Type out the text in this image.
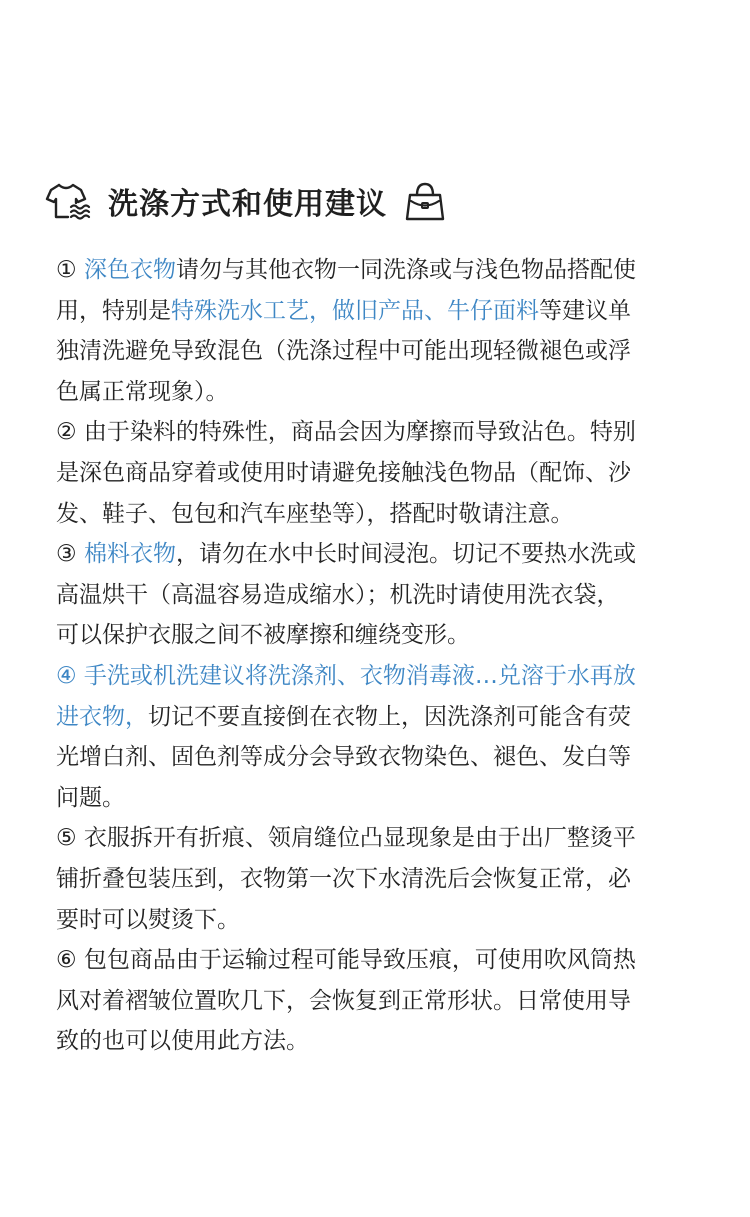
洗涤方式和使用建议
① 深色衣物请勿与其他衣物一同洗涤或与浅色物品搭配使
用，特别是特殊洗水工艺，做旧产品、牛仔面料等建议单
独清洗避免导致混色（洗涤过程中可能出现轻微褪色或浮
色属正常现象）。
② 由于染料的特殊性，商品会因为摩擦而导致沾色。特别
是深色商品穿着或使用时请避免接触浅色物品（配饰、沙
发、鞋子、包包和汽车座垫等），搭配时敬请注意。
③ 棉料衣物，请勿在水中长时间浸泡。切记不要热水洗或
高温烘干（高温容易造成缩水）；机洗时请使用洗衣袋，
可以保护衣服之间不被摩擦和缠绕变形。
④ 手洗或机洗建议将洗涤剂、衣物消毒液…兑溶于水再放
进衣物，切记不要直接倒在衣物上，因洗涤剂可能含有荧
光增白剂、固色剂等成分会导致衣物染色、褪色、发白等
问题。
⑤ 衣服拆开有折痕、领肩缝位凸显现象是由于出厂整烫平
铺折叠包装压到，衣物第一次下水清洗后会恢复正常，必
要时可以熨烫下。
⑥ 包包商品由于运输过程可能导致压痕，可使用吹风筒热
风对着褶皱位置吹几下，会恢复到正常形状。日常使用导
致的也可以使用此方法。
